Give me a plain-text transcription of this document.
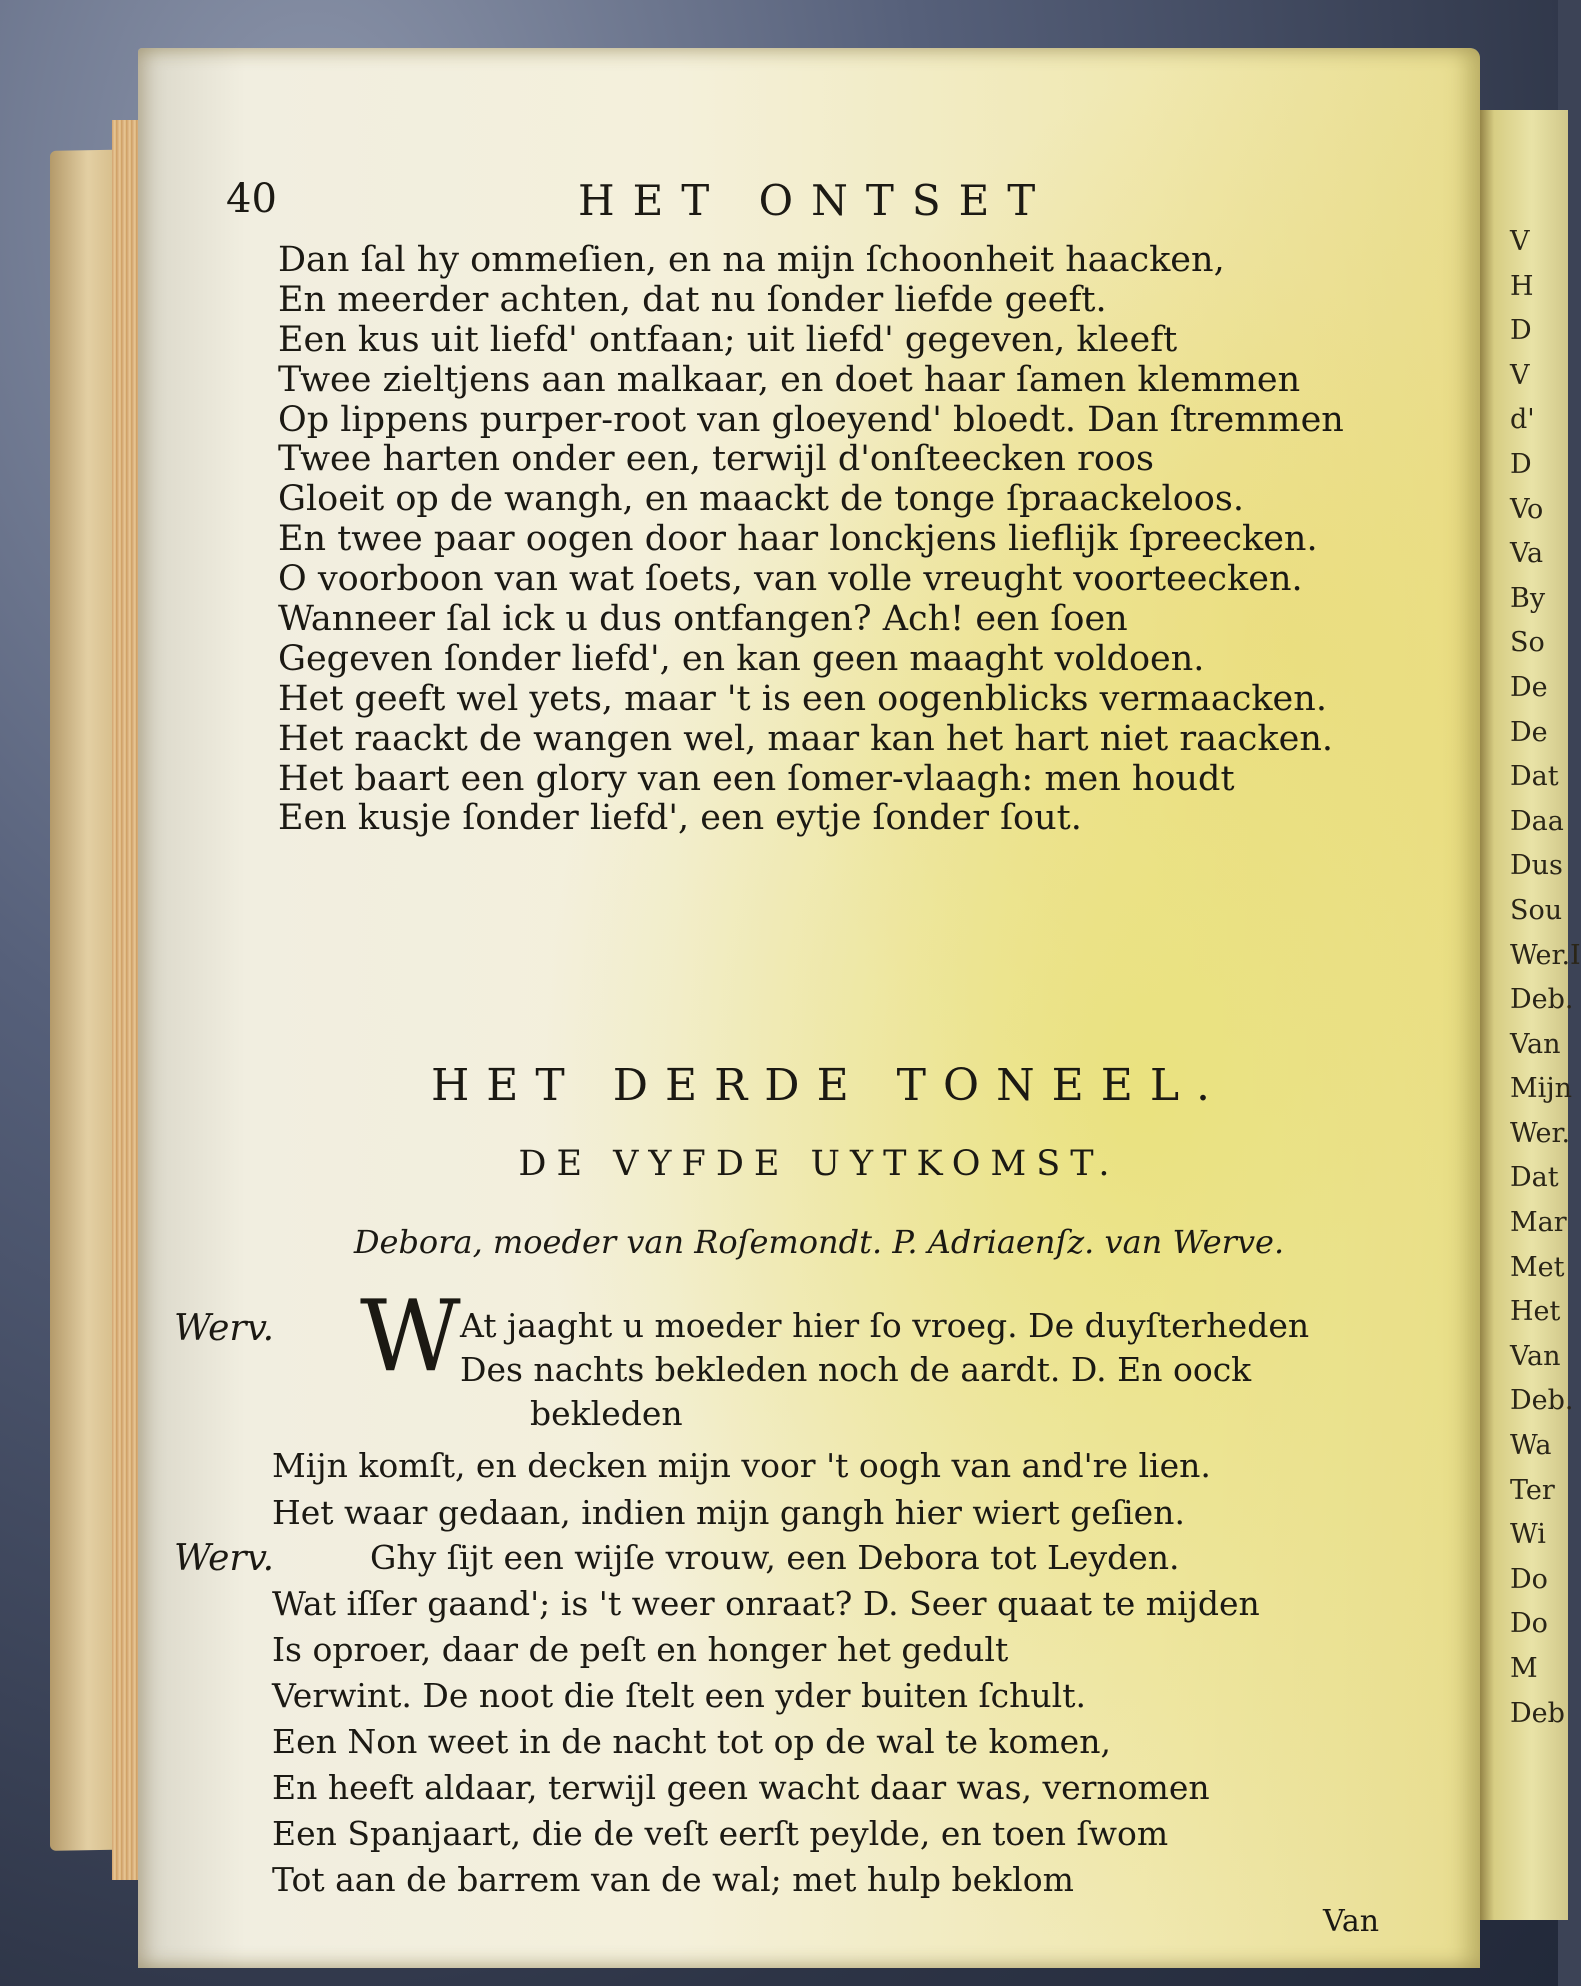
V
H
D
V
d'
D
Vo
Va
By
So
De
De
Dat
Daa
Dus
Sou
Wer.I
Deb.
Van
Mijn
Wer.
Dat
Mar
Met
Het
Van
Deb.
Wa
Ter
Wi
Do
Do
M
Deb
40	HET ONTSET
Dan ſal hy ommeſien, en na mijn ſchoonheit haacken,
En meerder achten, dat nu ſonder liefde geeft.
Een kus uit liefd' ontfaan; uit liefd' gegeven, kleeft
Twee zieltjens aan malkaar, en doet haar ſamen klemmen
Op lippens purper-root van gloeyend' bloedt. Dan ſtremmen
Twee harten onder een, terwijl d'onſteecken roos
Gloeit op de wangh, en maackt de tonge ſpraackeloos.
En twee paar oogen door haar lonckjens lieflijk ſpreecken.
O voorboon van wat ſoets, van volle vreught voorteecken.
Wanneer ſal ick u dus ontfangen? Ach! een ſoen
Gegeven ſonder liefd', en kan geen maaght voldoen.
Het geeft wel yets, maar 't is een oogenblicks vermaacken.
Het raackt de wangen wel, maar kan het hart niet raacken.
Het baart een glory van een ſomer-vlaagh: men houdt
Een kusje ſonder liefd', een eytje ſonder ſout.
HET DERDE TONEEL.
DE VYFDE UYTKOMST.
Debora, moeder van Roſemondt. P. Adriaenſz. van Werve.
Werv. W At jaaght u moeder hier ſo vroeg. De duyſterheden
Des nachts bekleden noch de aardt. D. En oock
bekleden
Mijn komſt, en decken mijn voor 't oogh van and're lien.
Het waar gedaan, indien mijn gangh hier wiert geſien.
Werv.	Ghy ſijt een wijſe vrouw, een Debora tot Leyden.
Wat iſſer gaand'; is 't weer onraat? D. Seer quaat te mijden
Is oproer, daar de peſt en honger het gedult
Verwint. De noot die ſtelt een yder buiten ſchult.
Een Non weet in de nacht tot op de wal te komen,
En heeft aldaar, terwijl geen wacht daar was, vernomen
Een Spanjaart, die de veſt eerſt peylde, en toen ſwom
Tot aan de barrem van de wal; met hulp beklom
Van
